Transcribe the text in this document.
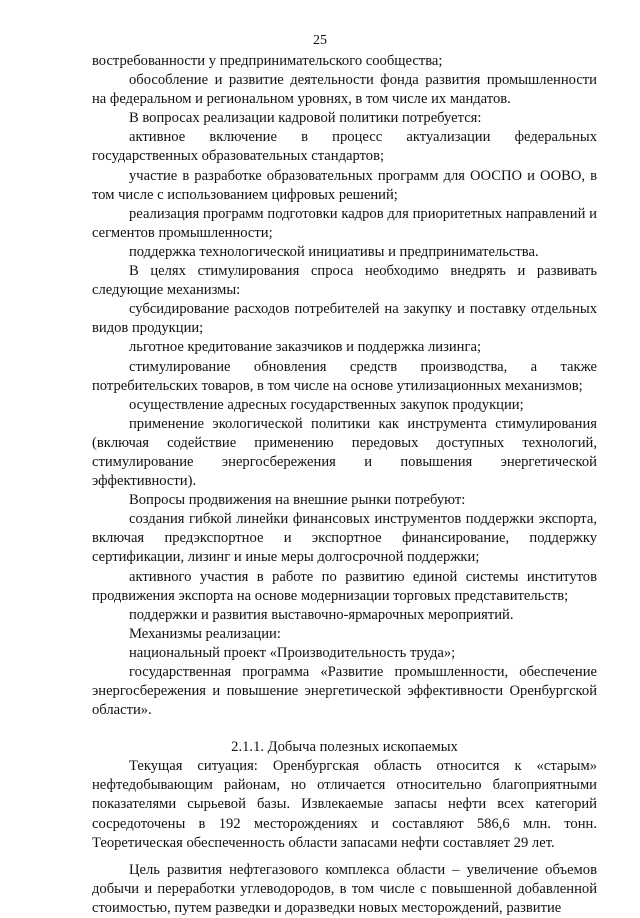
25

востребованности у предпринимательского сообщества;

обособление и развитие деятельности фонда развития промышленности на федеральном и региональном уровнях, в том числе их мандатов.

В вопросах реализации кадровой политики потребуется:

активное включение в процесс актуализации федеральных государственных образовательных стандартов;

участие в разработке образовательных программ для ООСПО и ООВО, в том числе с использованием цифровых решений;

реализация программ подготовки кадров для приоритетных направлений и сегментов промышленности;

поддержка технологической инициативы и предпринимательства.

В целях стимулирования спроса необходимо внедрять и развивать следующие механизмы:

субсидирование расходов потребителей на закупку и поставку отдельных видов продукции;

льготное кредитование заказчиков и поддержка лизинга;

стимулирование обновления средств производства, а также потребительских товаров, в том числе на основе утилизационных механизмов;

осуществление адресных государственных закупок продукции;

применение экологической политики как инструмента стимулирования (включая содействие применению передовых доступных технологий, стимулирование энергосбережения и повышения энергетической эффективности).

Вопросы продвижения на внешние рынки потребуют:

создания гибкой линейки финансовых инструментов поддержки экспорта, включая предэкспортное и экспортное финансирование, поддержку сертификации, лизинг и иные меры долгосрочной поддержки;

активного участия в работе по развитию единой системы институтов продвижения экспорта на основе модернизации торговых представительств;

поддержки и развития выставочно-ярмарочных мероприятий.

Механизмы реализации:

национальный проект «Производительность труда»;

государственная программа «Развитие промышленности, обеспечение энергосбережения и повышение энергетической эффективности Оренбургской области».

2.1.1. Добыча полезных ископаемых

Текущая ситуация: Оренбургская область относится к «старым» нефтедобывающим районам, но отличается относительно благоприятными показателями сырьевой базы. Извлекаемые запасы нефти всех категорий сосредоточены в 192 месторождениях и составляют 586,6 млн. тонн. Теоретическая обеспеченность области запасами нефти составляет 29 лет.

Цель развития нефтегазового комплекса области – увеличение объемов добычи и переработки углеводородов, в том числе с повышенной добавленной стоимостью, путем разведки и доразведки новых месторождений, развитие
